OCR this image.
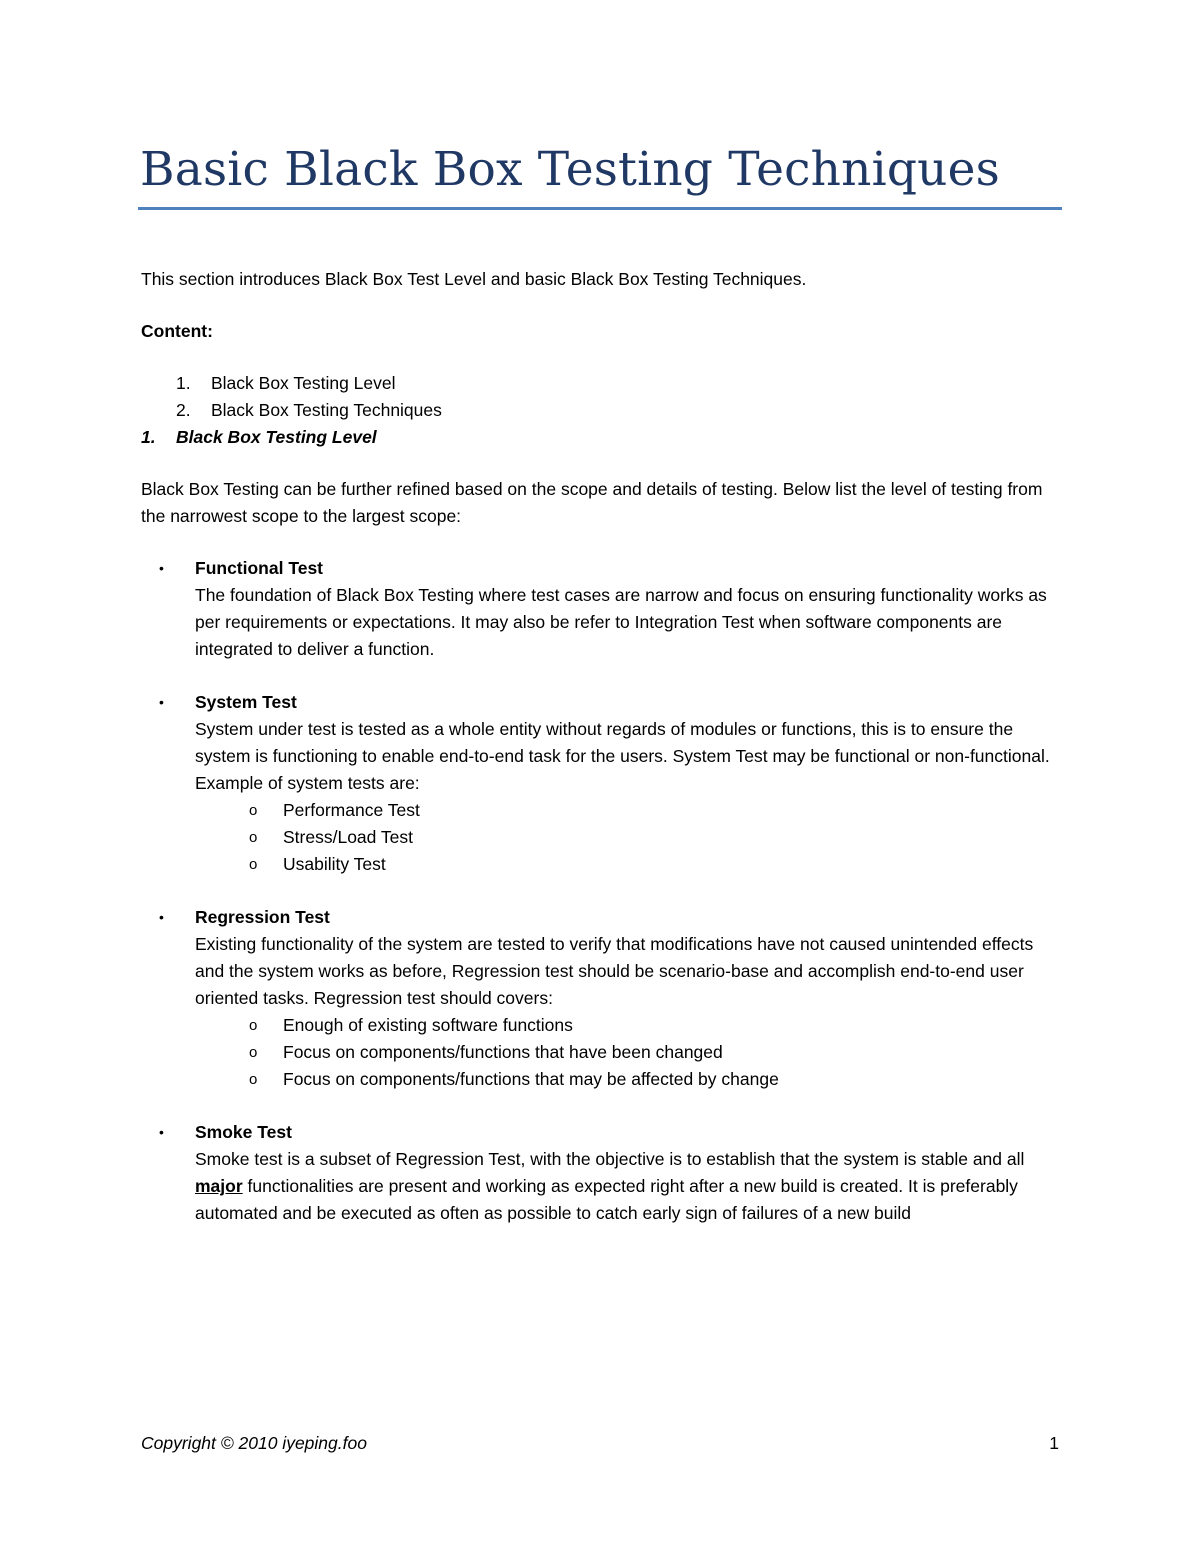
Basic Black Box Testing Techniques

This section introduces Black Box Test Level and basic Black Box Testing Techniques.

Content:

1.	Black Box Testing Level
2.	Black Box Testing Techniques
1.	Black Box Testing Level

Black Box Testing can be further refined based on the scope and details of testing. Below list the level of testing from the narrowest scope to the largest scope:

• Functional Test
The foundation of Black Box Testing where test cases are narrow and focus on ensuring functionality works as per requirements or expectations. It may also be refer to Integration Test when software components are integrated to deliver a function.
• System Test
System under test is tested as a whole entity without regards of modules or functions, this is to ensure the system is functioning to enable end-to-end task for the users. System Test may be functional or non-functional. Example of system tests are:
o Performance Test
o Stress/Load Test
o Usability Test
• Regression Test
Existing functionality of the system are tested to verify that modifications have not caused unintended effects and the system works as before, Regression test should be scenario-base and accomplish end-to-end user oriented tasks. Regression test should covers:
o Enough of existing software functions
o Focus on components/functions that have been changed
o Focus on components/functions that may be affected by change
• Smoke Test
Smoke test is a subset of Regression Test, with the objective is to establish that the system is stable and all major functionalities are present and working as expected right after a new build is created. It is preferably automated and be executed as often as possible to catch early sign of failures of a new build
Copyright © 2010 iyeping.foo	1
